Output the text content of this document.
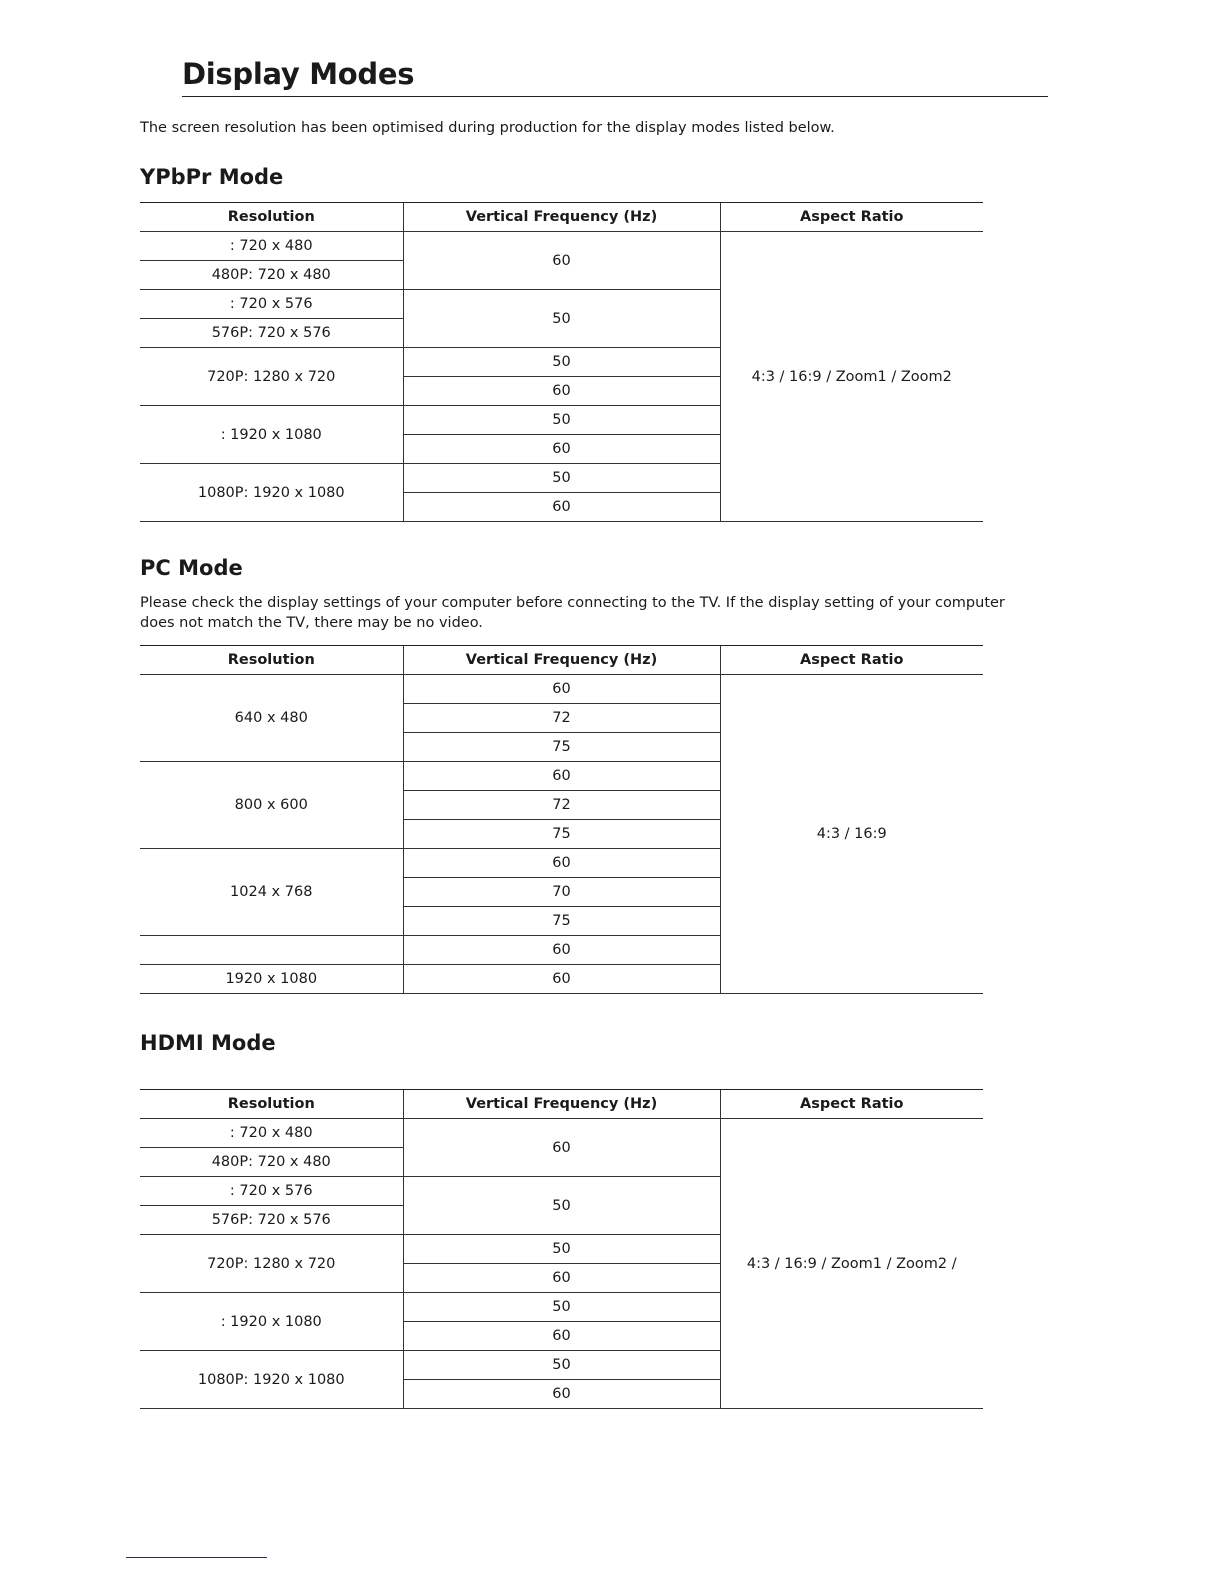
Display Modes
The screen resolution has been optimised during production for the display modes listed below.
YPbPr Mode
Resolution	Vertical Frequency (Hz)	Aspect Ratio
: 720 x 480	60	4:3 / 16:9 / Zoom1 / Zoom2
480P: 720 x 480		
: 720 x 576	50	
576P: 720 x 576		
720P: 1280 x 720	50	
	60	
: 1920 x 1080	50	
	60	
1080P: 1920 x 1080	50	
	60	
PC Mode
Please check the display settings of your computer before connecting to the TV. If the display setting of your computer does not match the TV, there may be no video.
Resolution	Vertical Frequency (Hz)	Aspect Ratio
640 x 480	60	4:3 / 16:9
	72	
	75	
800 x 600	60	
	72	
	75	
1024 x 768	60	
	70	
	75	
	60	
1920 x 1080	60	
HDMI Mode
Resolution	Vertical Frequency (Hz)	Aspect Ratio
: 720 x 480	60	4:3 / 16:9 / Zoom1 / Zoom2 /
480P: 720 x 480		
: 720 x 576	50	
576P: 720 x 576		
720P: 1280 x 720	50	
	60	
: 1920 x 1080	50	
	60	
1080P: 1920 x 1080	50	
	60	
